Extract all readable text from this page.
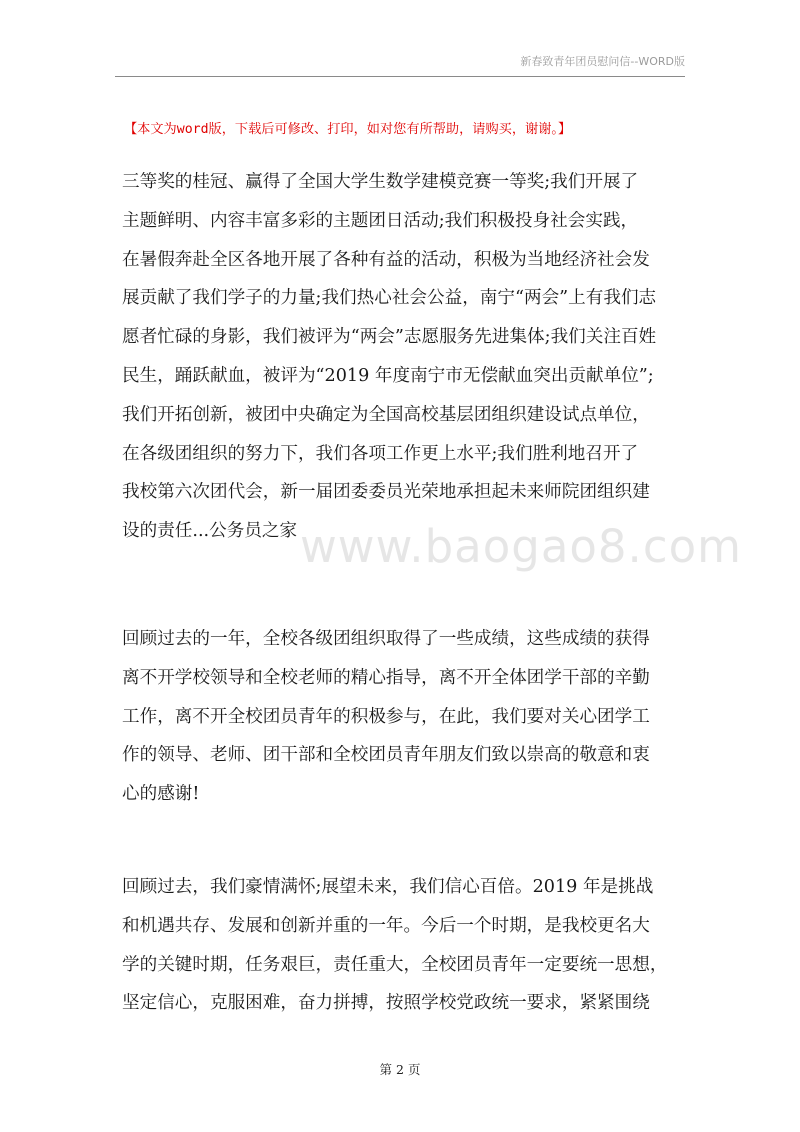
新春致青年团员慰问信--WORD版
【本文为word版，下载后可修改、打印，如对您有所帮助，请购买，谢谢。】
三等奖的桂冠、赢得了全国大学生数学建模竞赛一等奖;我们开展了
主题鲜明、内容丰富多彩的主题团日活动;我们积极投身社会实践，
在暑假奔赴全区各地开展了各种有益的活动，积极为当地经济社会发
展贡献了我们学子的力量;我们热心社会公益，南宁“两会”上有我们志
愿者忙碌的身影，我们被评为“两会”志愿服务先进集体;我们关注百姓
民生，踊跃献血，被评为“2019 年度南宁市无偿献血突出贡献单位”;
我们开拓创新，被团中央确定为全国高校基层团组织建设试点单位，
在各级团组织的努力下，我们各项工作更上水平;我们胜利地召开了
我校第六次团代会，新一届团委委员光荣地承担起未来师院团组织建
设的责任...公务员之家 www.baogao8.com
回顾过去的一年，全校各级团组织取得了一些成绩，这些成绩的获得
离不开学校领导和全校老师的精心指导，离不开全体团学干部的辛勤
工作，离不开全校团员青年的积极参与，在此，我们要对关心团学工
作的领导、老师、团干部和全校团员青年朋友们致以崇高的敬意和衷
心的感谢!
回顾过去，我们豪情满怀;展望未来，我们信心百倍。2019 年是挑战
和机遇共存、发展和创新并重的一年。今后一个时期，是我校更名大
学的关键时期，任务艰巨，责任重大，全校团员青年一定要统一思想，
坚定信心，克服困难，奋力拼搏，按照学校党政统一要求，紧紧围绕
第 2 页
